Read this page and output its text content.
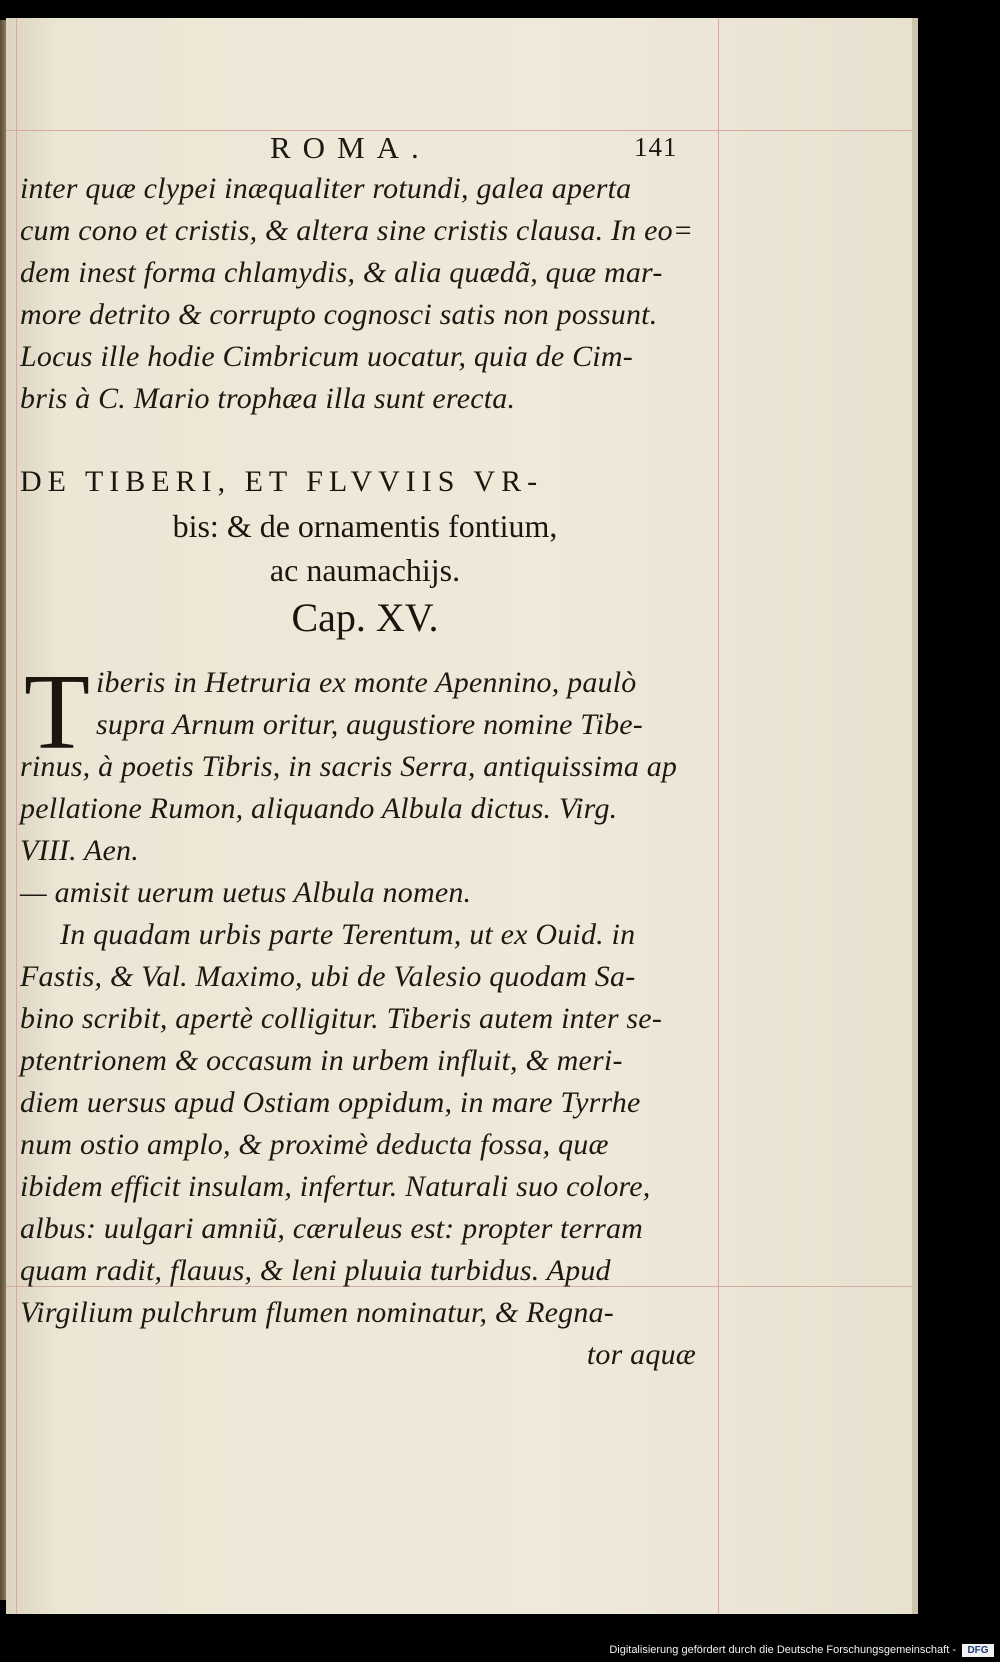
ROMA.	141
inter quæ clypei inæqualiter rotundi, galea aperta
cum cono et cristis, & altera sine cristis clausa. In eo=
dem inest forma chlamydis, & alia quædã, quæ mar-
more detrito & corrupto cognosci satis non possunt.
Locus ille hodie Cimbricum uocatur, quia de Cim-
bris à C. Mario trophæa illa sunt erecta.
DE TIBERI, ET FLVVIIS VR-
bis: & de ornamentis fontium,
ac naumachijs.
Cap. XV.
T iberis in Hetruria ex monte Apennino, paulò
supra Arnum oritur, augustiore nomine Tibe-
rinus, à poetis Tibris, in sacris Serra, antiquissima ap
pellatione Rumon, aliquando Albula dictus. Virg.
VIII. Aen.
— amisit uerum uetus Albula nomen.
In quadam urbis parte Terentum, ut ex Ouid. in
Fastis, & Val. Maximo, ubi de Valesio quodam Sa-
bino scribit, apertè colligitur. Tiberis autem inter se-
ptentrionem & occasum in urbem influit, & meri-
diem uersus apud Ostiam oppidum, in mare Tyrrhe
num ostio amplo, & proximè deducta fossa, quæ
ibidem efficit insulam, infertur. Naturali suo colore,
albus: uulgari amniũ, cæruleus est: propter terram
quam radit, flauus, & leni pluuia turbidus. Apud
Virgilium pulchrum flumen nominatur, & Regna-
tor aquæ
Digitalisierung gefördert durch die Deutsche Forschungsgemeinschaft -	DFG
